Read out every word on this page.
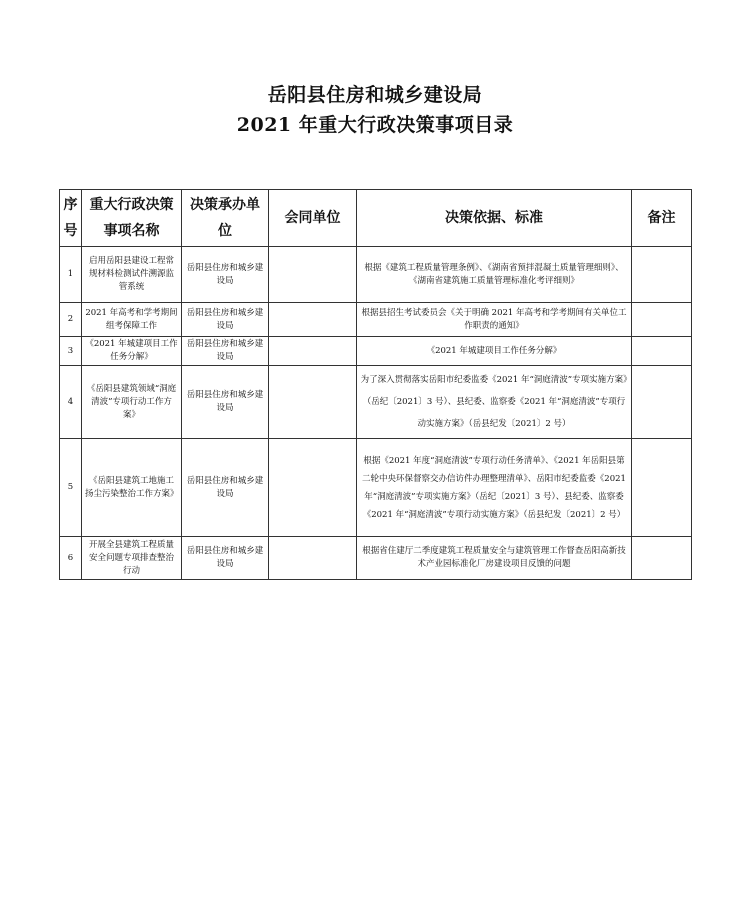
岳阳县住房和城乡建设局
2021 年重大行政决策事项目录
序号	重大行政决策事项名称	决策承办单位	会同单位	决策依据、标准	备注
1	启用岳阳县建设工程常规材料检测试件溯源监管系统	岳阳县住房和城乡建设局		根据《建筑工程质量管理条例》、《湖南省预拌混凝土质量管理细则》、《湖南省建筑施工质量管理标准化考评细则》	
2	2021 年高考和学考期间组考保障工作	岳阳县住房和城乡建设局		根据县招生考试委员会《关于明确 2021 年高考和学考期间有关单位工作职责的通知》	
3	《2021 年城建项目工作任务分解》	岳阳县住房和城乡建设局		《2021 年城建项目工作任务分解》	
4	《岳阳县建筑领域“洞庭清波”专项行动工作方案》	岳阳县住房和城乡建设局		为了深入贯彻落实岳阳市纪委监委《2021 年“洞庭清波”专项实施方案》（岳纪〔2021〕3 号）、县纪委、监察委《2021 年“洞庭清波”专项行动实施方案》（岳县纪发〔2021〕2 号）	
5	《岳阳县建筑工地施工扬尘污染整治工作方案》	岳阳县住房和城乡建设局		根据《2021 年度“洞庭清波”专项行动任务清单》、《2021 年岳阳县第二轮中央环保督察交办信访件办理整理清单》、岳阳市纪委监委《2021 年“洞庭清波”专项实施方案》（岳纪〔2021〕3 号）、县纪委、监察委《2021 年“洞庭清波”专项行动实施方案》（岳县纪发〔2021〕2 号）	
6	开展全县建筑工程质量安全问题专项排查整治行动	岳阳县住房和城乡建设局		根据省住建厅二季度建筑工程质量安全与建筑管理工作督查岳阳高新技术产业园标准化厂房建设项目反馈的问题	
